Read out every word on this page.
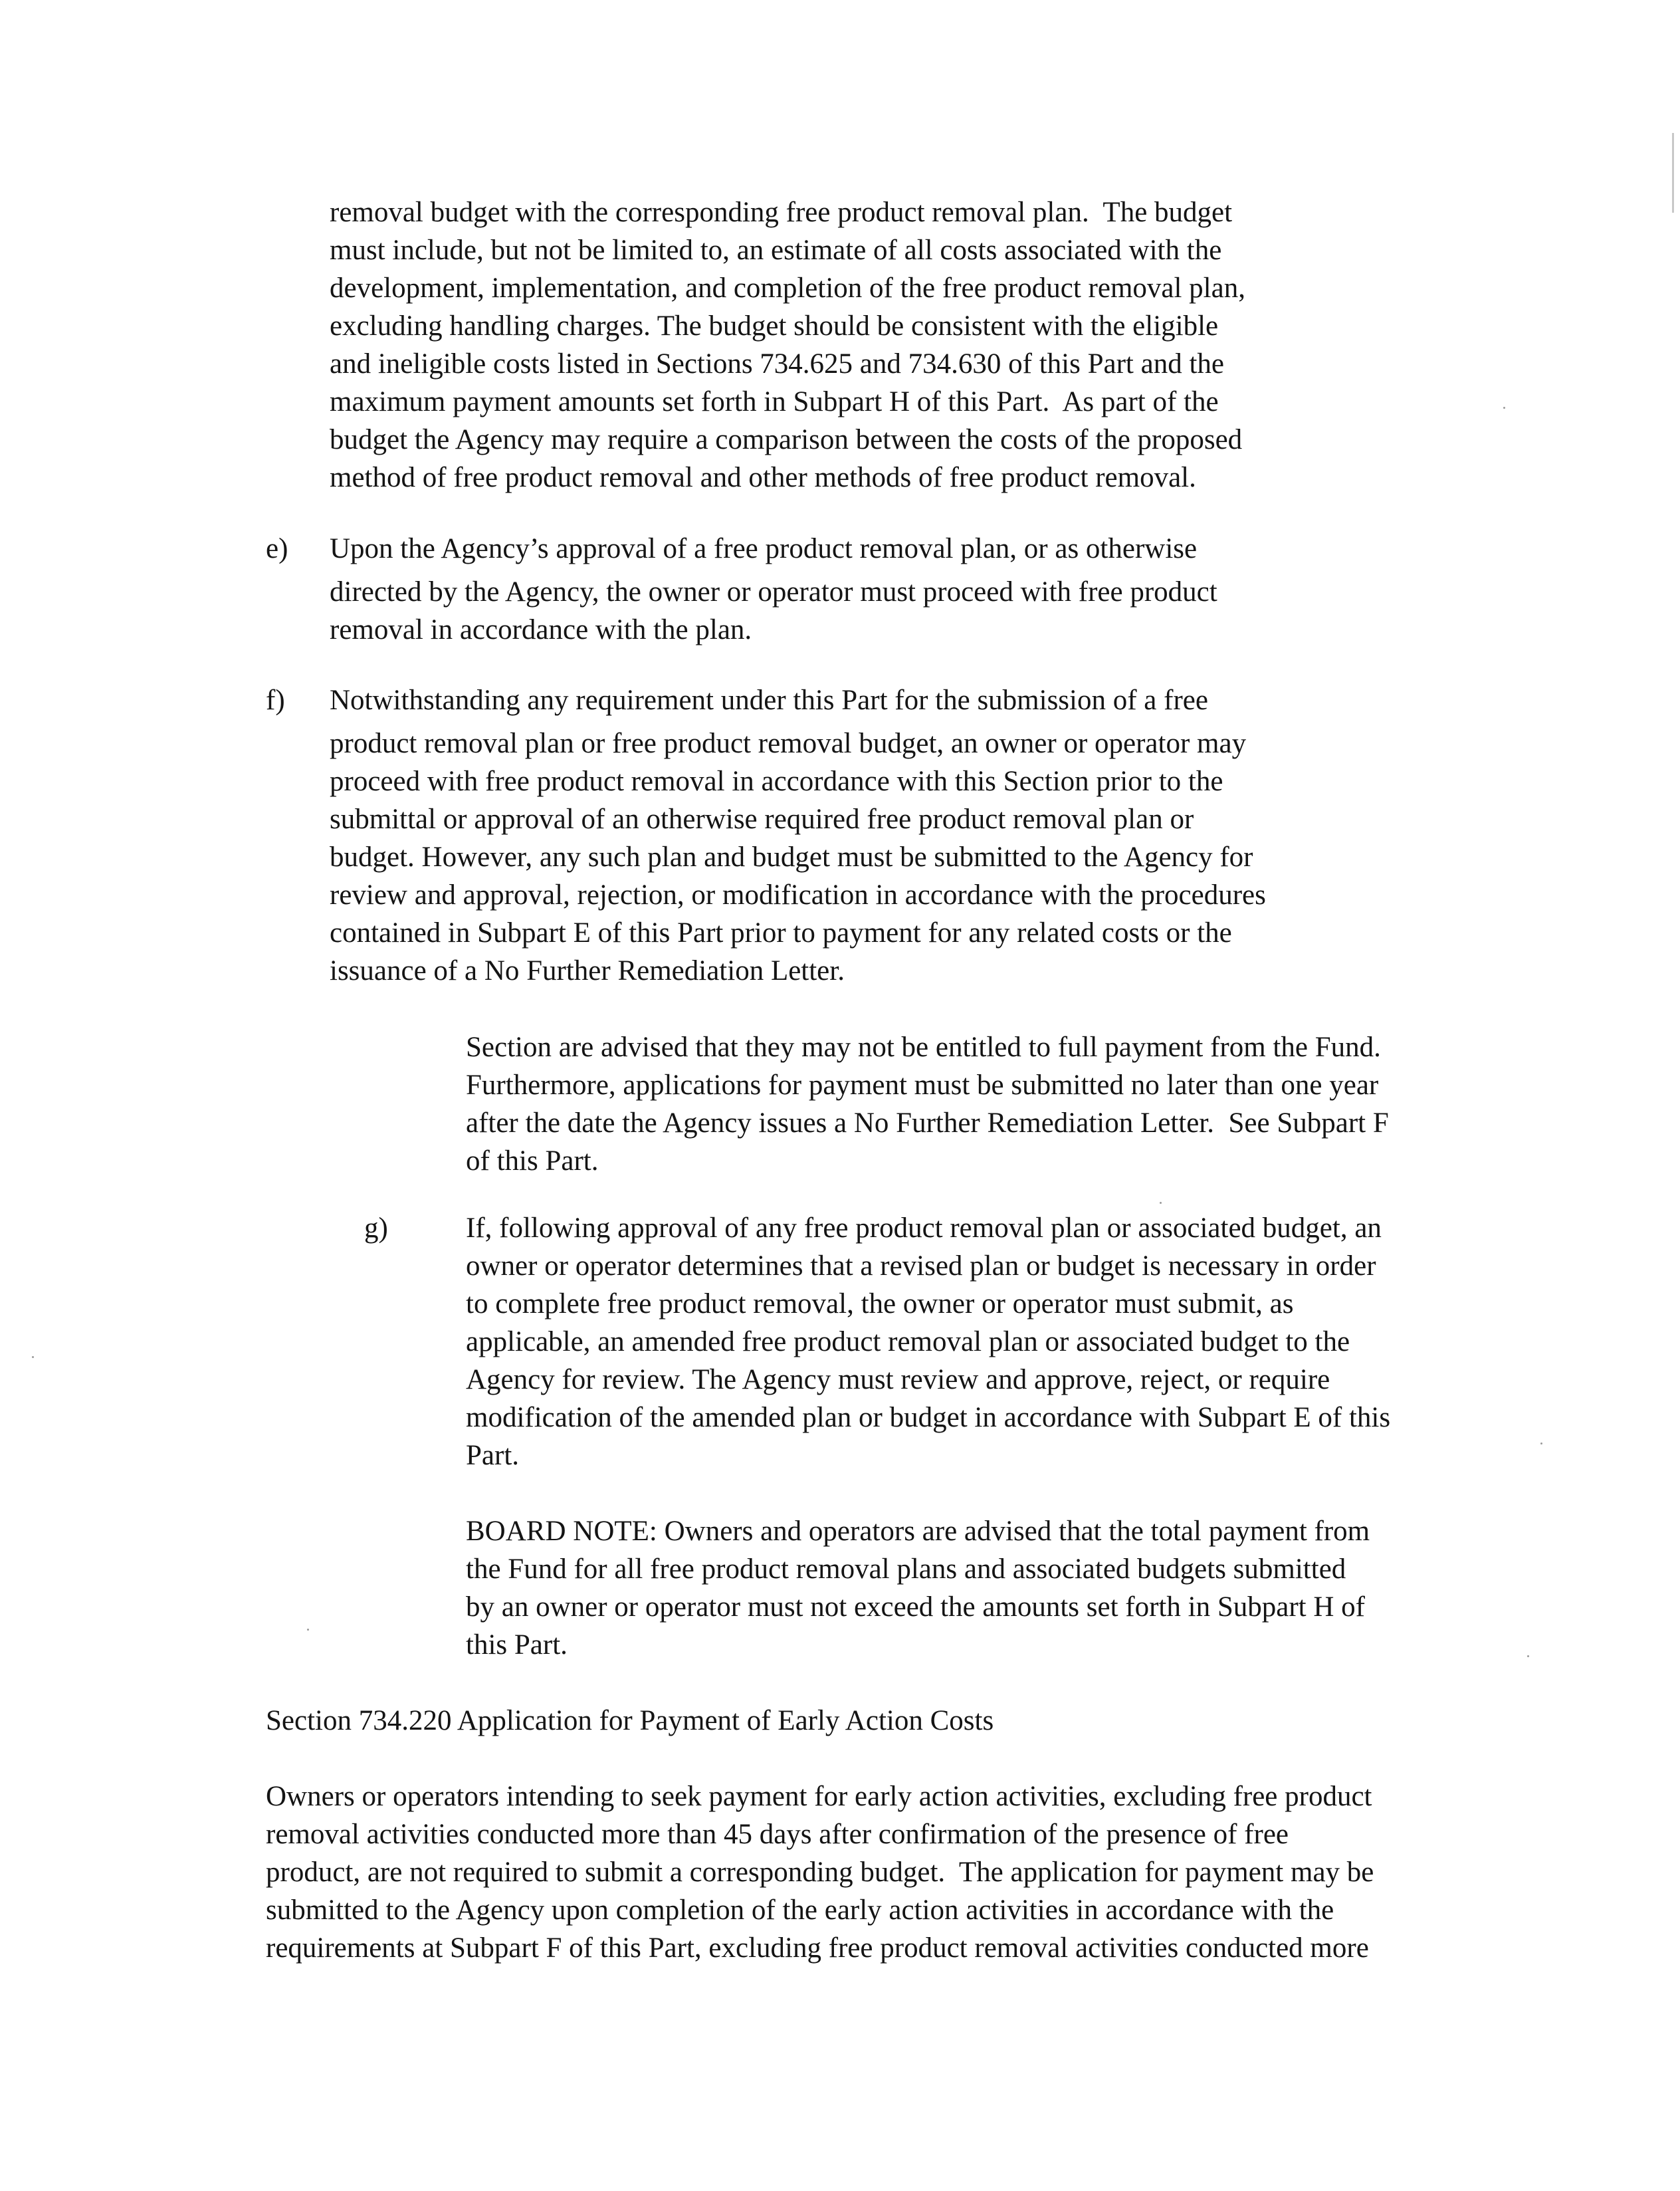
removal budget with the corresponding free product removal plan.  The budget
must include, but not be limited to, an estimate of all costs associated with the
development, implementation, and completion of the free product removal plan,
excluding handling charges. The budget should be consistent with the eligible
and ineligible costs listed in Sections 734.625 and 734.630 of this Part and the
maximum payment amounts set forth in Subpart H of this Part.  As part of the
budget the Agency may require a comparison between the costs of the proposed
method of free product removal and other methods of free product removal.
e) Upon the Agency’s approval of a free product removal plan, or as otherwise
directed by the Agency, the owner or operator must proceed with free product
removal in accordance with the plan.
f) Notwithstanding any requirement under this Part for the submission of a free
product removal plan or free product removal budget, an owner or operator may
proceed with free product removal in accordance with this Section prior to the
submittal or approval of an otherwise required free product removal plan or
budget. However, any such plan and budget must be submitted to the Agency for
review and approval, rejection, or modification in accordance with the procedures
contained in Subpart E of this Part prior to payment for any related costs or the
issuance of a No Further Remediation Letter.
Section are advised that they may not be entitled to full payment from the Fund.
Furthermore, applications for payment must be submitted no later than one year
after the date the Agency issues a No Further Remediation Letter.  See Subpart F
of this Part.
g)	If, following approval of any free product removal plan or associated budget, an
owner or operator determines that a revised plan or budget is necessary in order
to complete free product removal, the owner or operator must submit, as
applicable, an amended free product removal plan or associated budget to the
Agency for review. The Agency must review and approve, reject, or require
modification of the amended plan or budget in accordance with Subpart E of this
Part.
BOARD NOTE: Owners and operators are advised that the total payment from
the Fund for all free product removal plans and associated budgets submitted
by an owner or operator must not exceed the amounts set forth in Subpart H of
this Part.
Section 734.220 Application for Payment of Early Action Costs
Owners or operators intending to seek payment for early action activities, excluding free product
removal activities conducted more than 45 days after confirmation of the presence of free
product, are not required to submit a corresponding budget.  The application for payment may be
submitted to the Agency upon completion of the early action activities in accordance with the
requirements at Subpart F of this Part, excluding free product removal activities conducted more
